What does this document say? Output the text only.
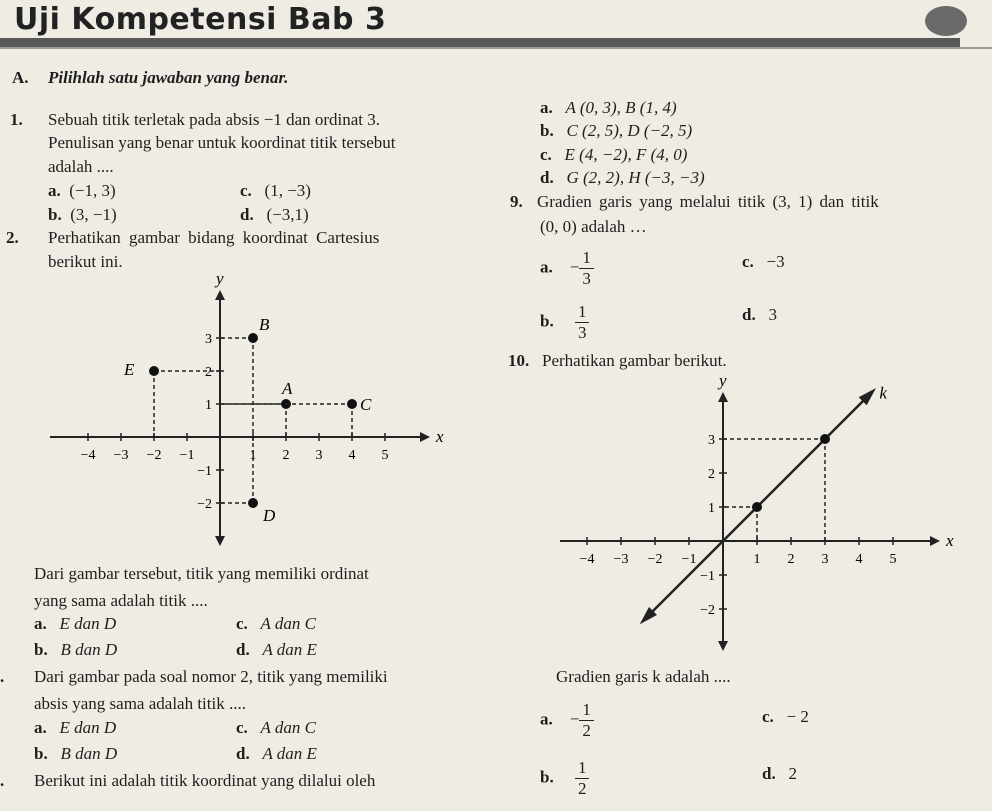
Uji Kompetensi Bab 3
A. Pilihlah satu jawaban yang benar.
1. Sebuah titik terletak pada absis −1 dan ordinat 3.
Penulisan yang benar untuk koordinat titik tersebut
adalah ....
a. (−1, 3)	c. (1, −3)
b. (3, −1)	d. (−3,1)
2. Perhatikan gambar bidang koordinat Cartesius
berikut ini.
x
y
−4 −3 −2 −1	1 2 3 4 5
3
2
1
−1
−2
B
E
A
C
D
Dari gambar tersebut, titik yang memiliki ordinat
yang sama adalah titik ....
a. E dan D	c. A dan C
b. B dan D	d. A dan E
. Dari gambar pada soal nomor 2, titik yang memiliki
absis yang sama adalah titik ....
a. E dan D	c. A dan C
b. B dan D	d. A dan E
. Berikut ini adalah titik koordinat yang dilalui oleh
a. A (0, 3), B (1, 4)
b. C (2, 5), D (−2, 5)
c. E (4, −2), F (4, 0)
d. G (2, 2), H (−3, −3)
9. Gradien garis yang melalui titik (3, 1) dan titik
(0, 0) adalah …
a. − $\frac{1}{3}$	c. −3
b. $\frac{1}{3}$	d. 3
10. Perhatikan gambar berikut.
x
y
−4 −3 −2 −1	1 2 3 4 5
3
2
1
−1
−2
k
Gradien garis k adalah ....
a. − $\frac{1}{2}$	c. − 2
b. $\frac{1}{2}$	d. 2
